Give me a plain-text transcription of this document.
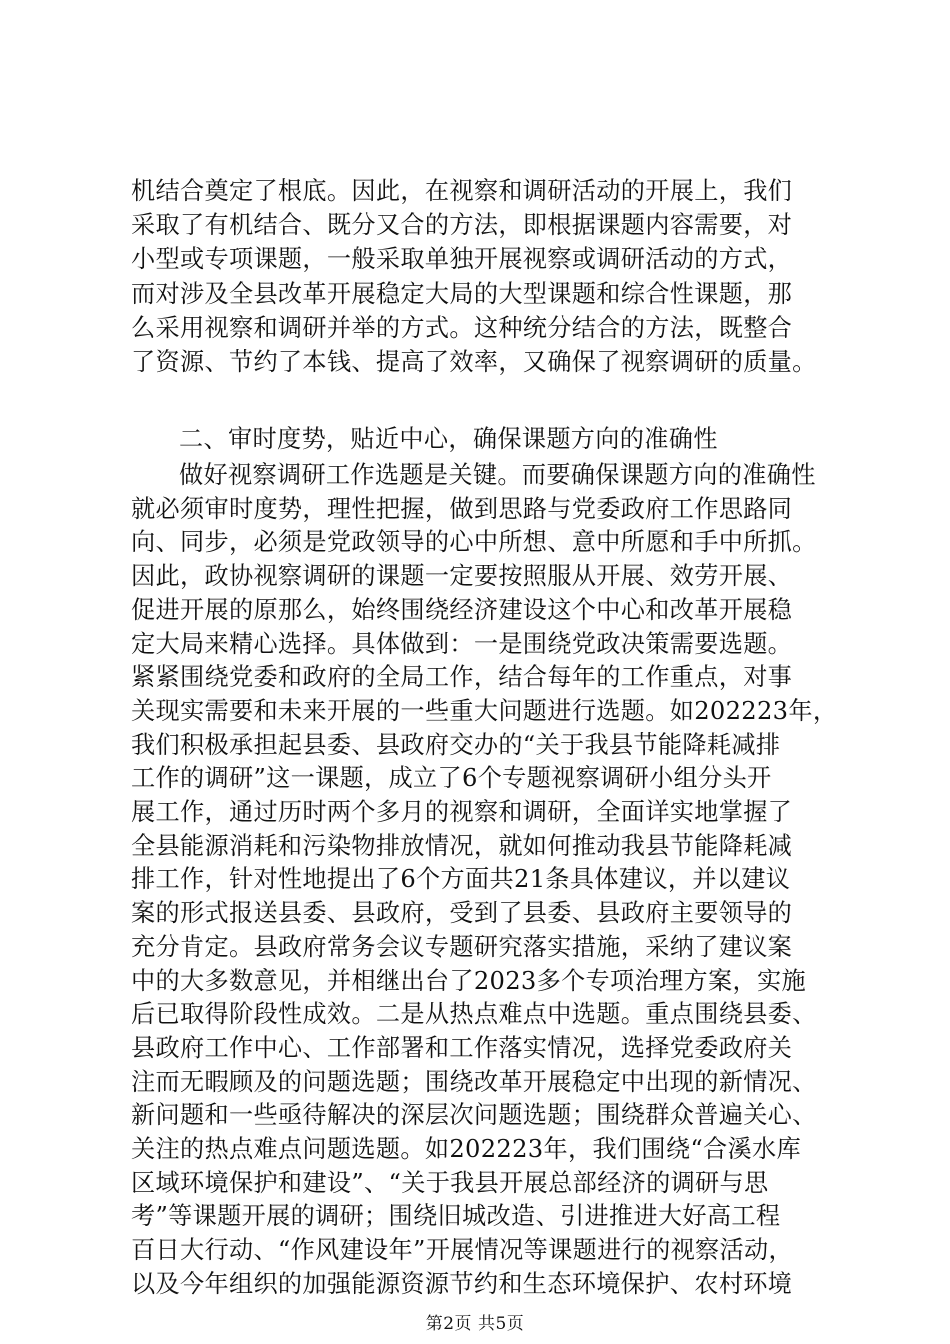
机结合奠定了根底。因此，在视察和调研活动的开展上，我们
采取了有机结合、既分又合的方法，即根据课题内容需要，对
小型或专项课题，一般采取单独开展视察或调研活动的方式，
而对涉及全县改革开展稳定大局的大型课题和综合性课题，那
么采用视察和调研并举的方式。这种统分结合的方法，既整合
了资源、节约了本钱、提高了效率，又确保了视察调研的质量。
二、审时度势，贴近中心，确保课题方向的准确性
做好视察调研工作选题是关键。而要确保课题方向的准确性
就必须审时度势，理性把握，做到思路与党委政府工作思路同
向、同步，必须是党政领导的心中所想、意中所愿和手中所抓。
因此，政协视察调研的课题一定要按照服从开展、效劳开展、
促进开展的原那么，始终围绕经济建设这个中心和改革开展稳
定大局来精心选择。具体做到：一是围绕党政决策需要选题。
紧紧围绕党委和政府的全局工作，结合每年的工作重点，对事
关现实需要和未来开展的一些重大问题进行选题。如202223年，
我们积极承担起县委、县政府交办的“关于我县节能降耗减排
工作的调研”这一课题，成立了6个专题视察调研小组分头开
展工作，通过历时两个多月的视察和调研，全面详实地掌握了
全县能源消耗和污染物排放情况，就如何推动我县节能降耗减
排工作，针对性地提出了6个方面共21条具体建议，并以建议
案的形式报送县委、县政府，受到了县委、县政府主要领导的
充分肯定。县政府常务会议专题研究落实措施，采纳了建议案
中的大多数意见，并相继出台了2023多个专项治理方案，实施
后已取得阶段性成效。二是从热点难点中选题。重点围绕县委、
县政府工作中心、工作部署和工作落实情况，选择党委政府关
注而无暇顾及的问题选题；围绕改革开展稳定中出现的新情况、
新问题和一些亟待解决的深层次问题选题；围绕群众普遍关心、
关注的热点难点问题选题。如202223年，我们围绕“合溪水库
区域环境保护和建设”、“关于我县开展总部经济的调研与思
考”等课题开展的调研；围绕旧城改造、引进推进大好高工程
百日大行动、“作风建设年”开展情况等课题进行的视察活动，
以及今年组织的加强能源资源节约和生态环境保护、农村环境
第2页 共5页
